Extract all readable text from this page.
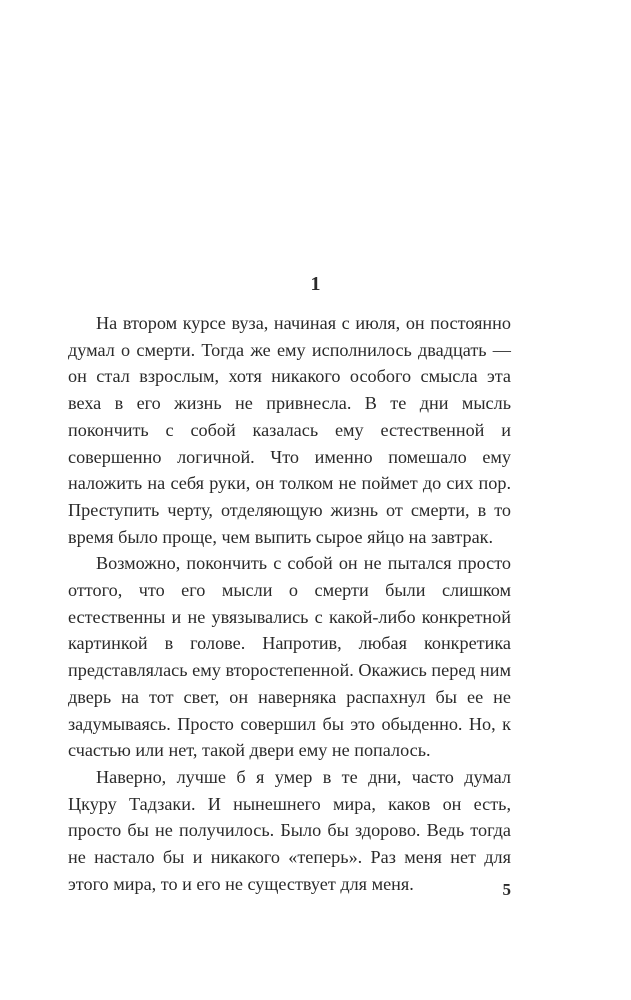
1

На втором курсе вуза, начиная с июля, он постоянно думал о смерти. Тогда же ему исполнилось двадцать — он стал взрослым, хотя никакого особого смысла эта веха в его жизнь не привнесла. В те дни мысль покончить с собой казалась ему естественной и совершенно логичной. Что именно помешало ему наложить на себя руки, он толком не поймет до сих пор. Преступить черту, отделяющую жизнь от смерти, в то время было проще, чем выпить сырое яйцо на завтрак.

Возможно, покончить с собой он не пытался просто оттого, что его мысли о смерти были слишком естественны и не увязывались с какой-либо конкретной картинкой в голове. Напротив, любая конкретика представлялась ему второстепенной. Окажись перед ним дверь на тот свет, он наверняка распахнул бы ее не задумываясь. Просто совершил бы это обыденно. Но, к счастью или нет, такой двери ему не попалось.

Наверно, лучше б я умер в те дни, часто думал Цкуру Тадзаки. И нынешнего мира, каков он есть, просто бы не получилось. Было бы здорово. Ведь тогда не настало бы и никакого «теперь». Раз меня нет для этого мира, то и его не существует для меня.	5
